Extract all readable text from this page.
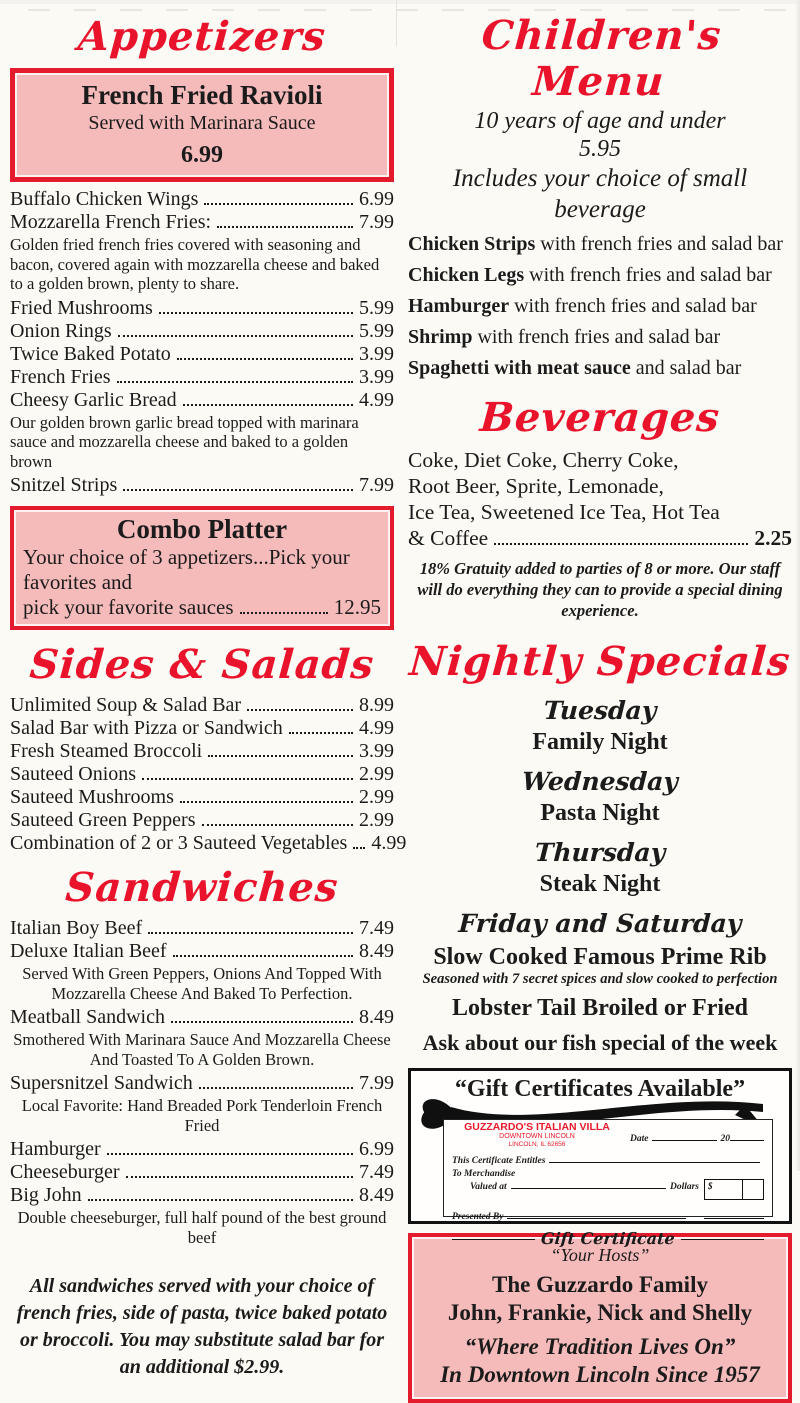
Appetizers
French Fried Ravioli
Served with Marinara Sauce
6.99
Buffalo Chicken Wings	6.99
Mozzarella French Fries:	7.99
Golden fried french fries covered with seasoning and bacon, covered again with mozzarella cheese and baked to a golden brown, plenty to share.
Fried Mushrooms	5.99
Onion Rings	5.99
Twice Baked Potato	3.99
French Fries	3.99
Cheesy Garlic Bread	4.99
Our golden brown garlic bread topped with marinara sauce and mozzarella cheese and baked to a golden brown
Snitzel Strips	7.99
Combo Platter
Your choice of 3 appetizers...Pick your favorites and
pick your favorite sauces	12.95
Sides & Salads
Unlimited Soup & Salad Bar	8.99
Salad Bar with Pizza or Sandwich	4.99
Fresh Steamed Broccoli	3.99
Sauteed Onions	2.99
Sauteed Mushrooms	2.99
Sauteed Green Peppers	2.99
Combination of 2 or 3 Sauteed Vegetables 4.99
Sandwiches
Italian Boy Beef	7.49
Deluxe Italian Beef	8.49
Served With Green Peppers, Onions And Topped With Mozzarella Cheese And Baked To Perfection.
Meatball Sandwich	8.49
Smothered With Marinara Sauce And Mozzarella Cheese And Toasted To A Golden Brown.
Supersnitzel Sandwich	7.99
Local Favorite: Hand Breaded Pork Tenderloin French Fried
Hamburger	6.99
Cheeseburger	7.49
Big John	8.49
Double cheeseburger, full half pound of the best ground beef
All sandwiches served with your choice of french fries, side of pasta, twice baked potato or broccoli. You may substitute salad bar for an additional $2.99.
Children's Menu
10 years of age and under
5.95
Includes your choice of small beverage
Chicken Strips with french fries and salad bar
Chicken Legs with french fries and salad bar
Hamburger with french fries and salad bar
Shrimp with french fries and salad bar
Spaghetti with meat sauce and salad bar
Beverages
Coke, Diet Coke, Cherry Coke,
Root Beer, Sprite, Lemonade,
Ice Tea, Sweetened Ice Tea, Hot Tea
& Coffee	2.25
18% Gratuity added to parties of 8 or more. Our staff will do everything they can to provide a special dining experience.
Nightly Specials
Tuesday
Family Night
Wednesday
Pasta Night
Thursday
Steak Night
Friday and Saturday
Slow Cooked Famous Prime Rib
Seasoned with 7 secret spices and slow cooked to perfection
Lobster Tail Broiled or Fried
Ask about our fish special of the week
“Gift Certificates Available”
GUZZARDO'S ITALIAN VILLA
DOWNTOWN LINCOLN
LINCOLN, IL 62656
Date	20
This Certificate Entitles
To Merchandise
Valued at	Dollars	$
Presented By
Gift Certificate
“Your Hosts”
The Guzzardo Family
John, Frankie, Nick and Shelly
“Where Tradition Lives On”
In Downtown Lincoln Since 1957
